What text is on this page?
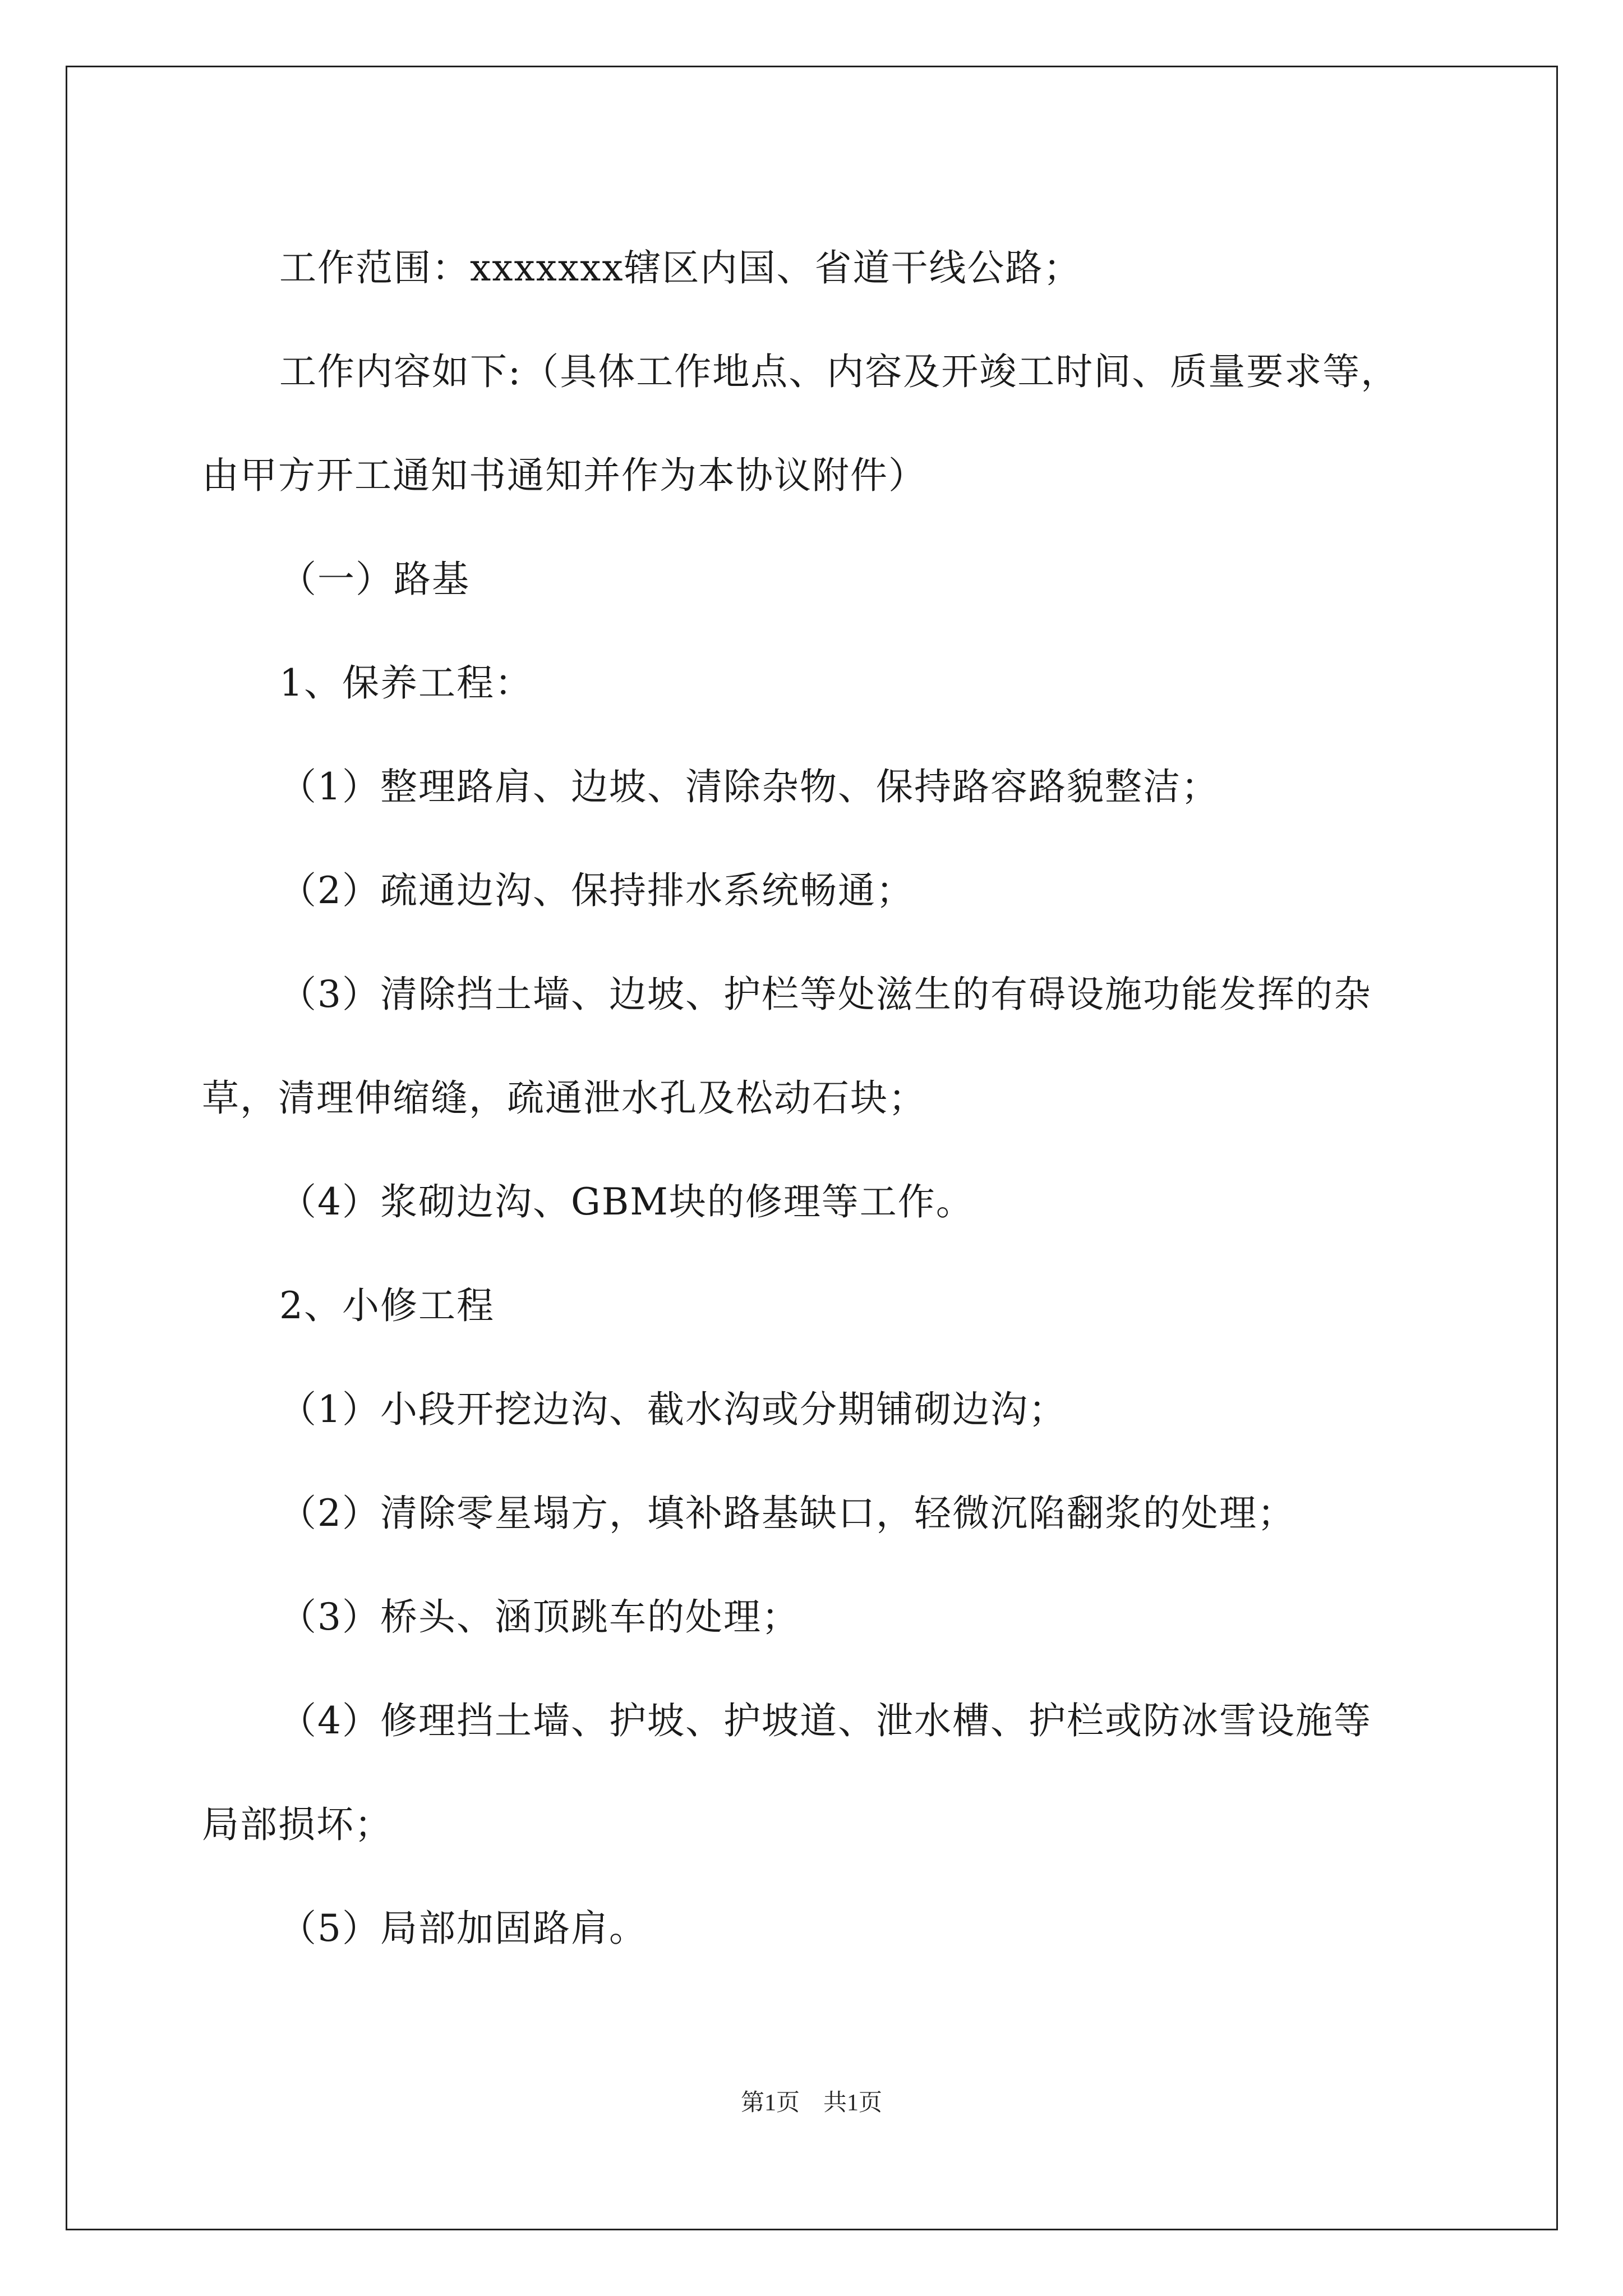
工作范围：xxxxxxx辖区内国、省道干线公路；

工作内容如下:（具体工作地点、内容及开竣工时间、质量要求等，

由甲方开工通知书通知并作为本协议附件）

（一）路基

1、保养工程：

（1）整理路肩、边坡、清除杂物、保持路容路貌整洁；

（2）疏通边沟、保持排水系统畅通；

（3）清除挡土墙、边坡、护栏等处滋生的有碍设施功能发挥的杂

草，清理伸缩缝，疏通泄水孔及松动石块；

（4）浆砌边沟、GBM块的修理等工作。

2、小修工程

（1）小段开挖边沟、截水沟或分期铺砌边沟；

（2）清除零星塌方，填补路基缺口，轻微沉陷翻浆的处理；

（3）桥头、涵顶跳车的处理；

（4）修理挡土墙、护坡、护坡道、泄水槽、护栏或防冰雪设施等

局部损坏；

（5）局部加固路肩。

第1页　共1页
